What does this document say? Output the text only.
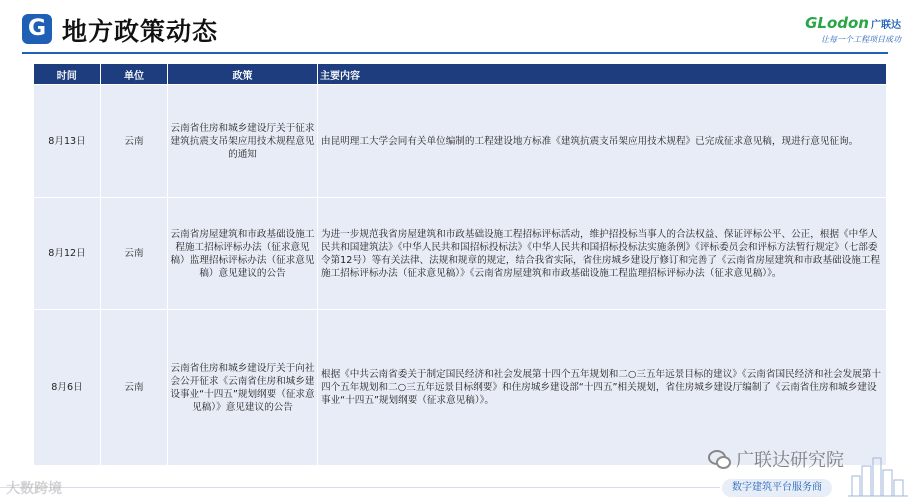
G 地方政策动态	GLodon 广联达
让每一个工程项目成功
时间	单位	政策	主要内容
8月13日	云南	云南省住房和城乡建设厅关于征求建筑抗震支吊架应用技术规程意见的通知	由昆明理工大学会同有关单位编制的工程建设地方标准《建筑抗震支吊架应用技术规程》已完成征求意见稿，现进行意见征询。
8月12日	云南	云南省房屋建筑和市政基础设施工程施工招标评标办法（征求意见稿）监理招标评标办法（征求意见稿）意见建议的公告	为进一步规范我省房屋建筑和市政基础设施工程招标评标活动，维护招投标当事人的合法权益、保证评标公平、公正，根据《中华人民共和国建筑法》《中华人民共和国招标投标法》《中华人民共和国招标投标法实施条例》《评标委员会和评标方法暂行规定》（七部委令第12号）等有关法律、法规和规章的规定，结合我省实际，省住房城乡建设厅修订和完善了《云南省房屋建筑和市政基础设施工程施工招标评标办法（征求意见稿）》《云南省房屋建筑和市政基础设施工程监理招标评标办法（征求意见稿）》。
8月6日	云南	云南省住房和城乡建设厅关于向社会公开征求《云南省住房和城乡建设事业“十四五”规划纲要（征求意见稿）》意见建议的公告	根据《中共云南省委关于制定国民经济和社会发展第十四个五年规划和二○三五年远景目标的建议》《云南省国民经济和社会发展第十四个五年规划和二○三五年远景目标纲要》和住房城乡建设部“十四五”相关规划，省住房城乡建设厅编制了《云南省住房和城乡建设事业“十四五”规划纲要（征求意见稿）》。
大数跨境
广联达研究院
数字建筑平台服务商
